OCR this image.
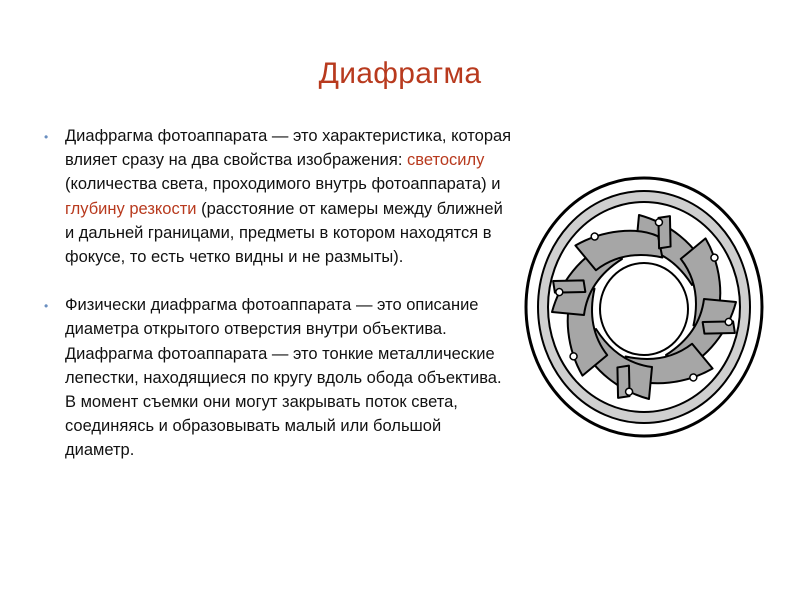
Диафрагма
• Диафрагма фотоаппарата — это характеристика, которая влияет сразу на два свойства изображения: светосилу (количества света, проходимого внутрь фотоаппарата) и глубину резкости (расстояние от камеры между ближней и дальней границами, предметы в котором находятся в фокусе, то есть четко видны и не размыты).
• Физически диафрагма фотоаппарата — это описание диаметра открытого отверстия внутри объектива. Диафрагма фотоаппарата — это тонкие металлические лепестки, находящиеся по кругу вдоль обода объектива. В момент съемки они могут закрывать поток света, соединяясь и образовывать малый или большой диаметр.
